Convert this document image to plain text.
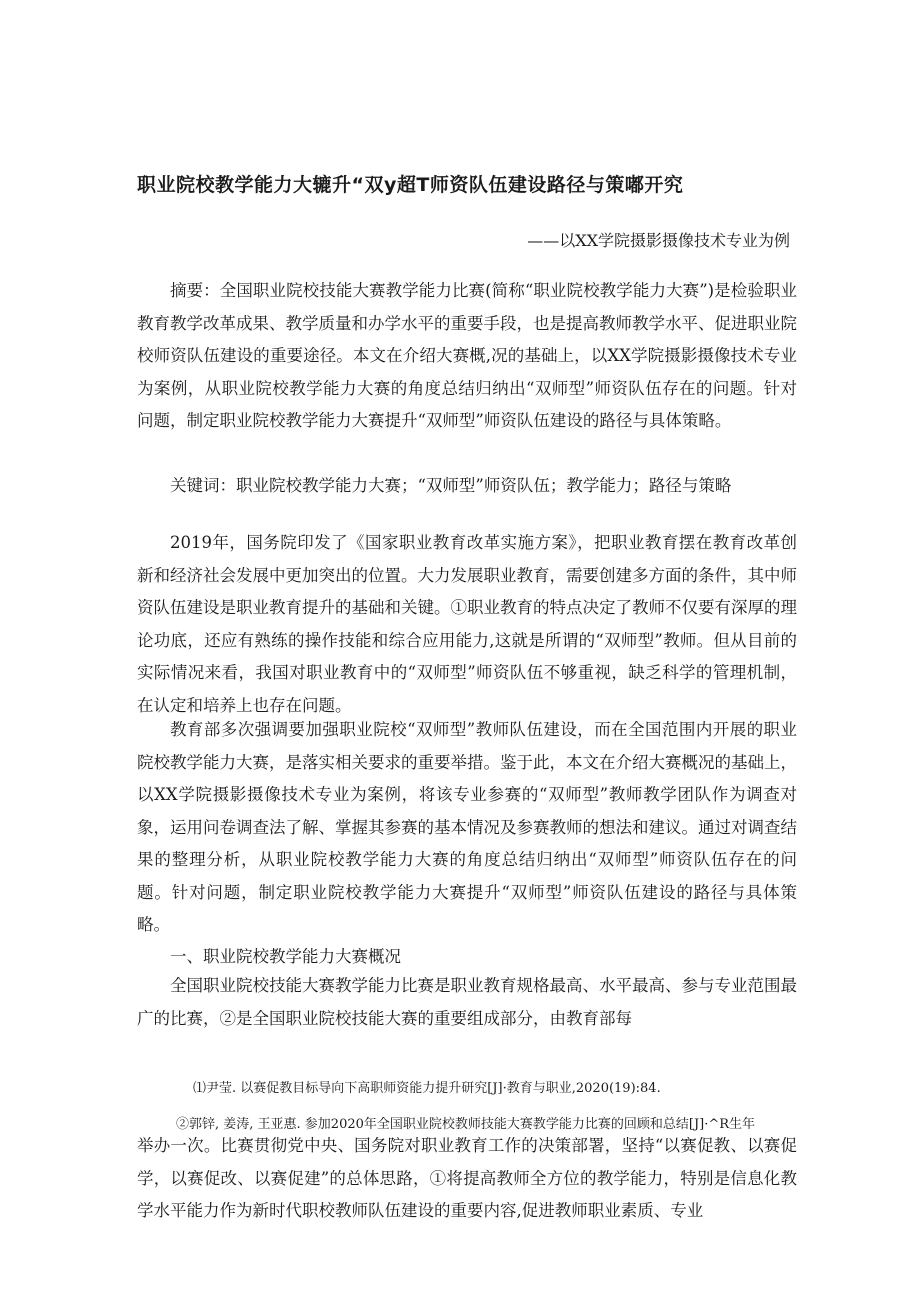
职业院校教学能力大辘升“双y超T师资队伍建设路径与策嘟开究
——以XX学院摄影摄像技术专业为例

摘要：全国职业院校技能大赛教学能力比赛(简称“职业院校教学能力大赛”)是检验职业教育教学改革成果、教学质量和办学水平的重要手段，也是提高教师教学水平、促进职业院校师资队伍建设的重要途径。本文在介绍大赛概,况的基础上，以XX学院摄影摄像技术专业为案例，从职业院校教学能力大赛的角度总结归纳出“双师型”师资队伍存在的问题。针对问题，制定职业院校教学能力大赛提升“双师型”师资队伍建设的路径与具体策略。

关键词：职业院校教学能力大赛；“双师型”师资队伍；教学能力；路径与策略

2019年，国务院印发了《国家职业教育改革实施方案》，把职业教育摆在教育改革创新和经济社会发展中更加突出的位置。大力发展职业教育，需要创建多方面的条件，其中师资队伍建设是职业教育提升的基础和关键。①职业教育的特点决定了教师不仅要有深厚的理论功底，还应有熟练的操作技能和综合应用能力,这就是所谓的“双师型”教师。但从目前的实际情况来看，我国对职业教育中的“双师型”师资队伍不够重视，缺乏科学的管理机制，在认定和培养上也存在问题。

教育部多次强调要加强职业院校“双师型”教师队伍建设，而在全国范围内开展的职业院校教学能力大赛，是落实相关要求的重要举措。鉴于此，本文在介绍大赛概况的基础上，以XX学院摄影摄像技术专业为案例，将该专业参赛的“双师型”教师教学团队作为调查对象，运用问卷调查法了解、掌握其参赛的基本情况及参赛教师的想法和建议。通过对调查结果的整理分析，从职业院校教学能力大赛的角度总结归纳出“双师型”师资队伍存在的问题。针对问题，制定职业院校教学能力大赛提升“双师型”师资队伍建设的路径与具体策略。

一、职业院校教学能力大赛概况

全国职业院校技能大赛教学能力比赛是职业教育规格最高、水平最高、参与专业范围最广的比赛，②是全国职业院校技能大赛的重要组成部分，由教育部每

⑴尹莹. 以赛促教目标导向下高职师资能力提升研究[J]·教育与职业,2020(19):84.
②郭锌, 姜涛, 王亚惠. 参加2020年全国职业院校教师技能大赛教学能力比赛的回顾和总结[J]·^R生年

举办一次。比赛贯彻党中央、国务院对职业教育工作的决策部署，坚持“以赛促教、以赛促学，以赛促改、以赛促建”的总体思路，①将提高教师全方位的教学能力，特别是信息化教学水平能力作为新时代职校教师队伍建设的重要内容,促进教师职业素质、专业
